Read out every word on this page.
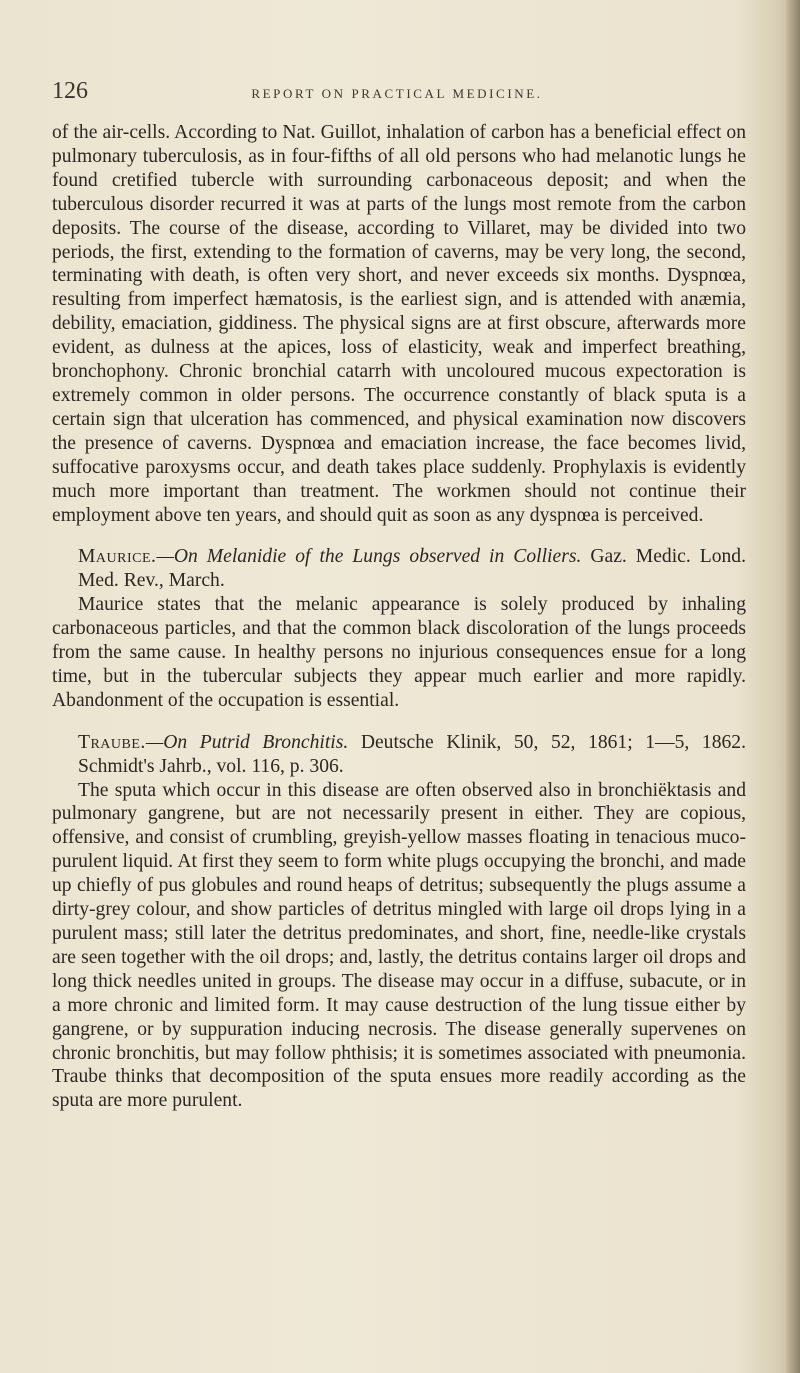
126	REPORT ON PRACTICAL MEDICINE.

of the air-cells. According to Nat. Guillot, inhalation of carbon has a beneficial effect on pulmonary tuberculosis, as in four-fifths of all old persons who had melanotic lungs he found cretified tubercle with surrounding carbonaceous deposit; and when the tuberculous disorder recurred it was at parts of the lungs most remote from the carbon deposits. The course of the disease, according to Villaret, may be divided into two periods, the first, extending to the formation of caverns, may be very long, the second, terminating with death, is often very short, and never exceeds six months. Dyspnœa, resulting from imperfect hæmatosis, is the earliest sign, and is attended with anæmia, debility, emaciation, giddiness. The physical signs are at first obscure, afterwards more evident, as dulness at the apices, loss of elasticity, weak and imperfect breathing, bronchophony. Chronic bronchial catarrh with uncoloured mucous expectoration is extremely common in older persons. The occurrence constantly of black sputa is a certain sign that ulceration has commenced, and physical examination now discovers the presence of caverns. Dyspnœa and emaciation increase, the face becomes livid, suffocative paroxysms occur, and death takes place suddenly. Prophylaxis is evidently much more important than treatment. The workmen should not continue their employment above ten years, and should quit as soon as any dyspnœa is perceived.

Maurice.—On Melanidie of the Lungs observed in Colliers. Gaz. Medic. Lond. Med. Rev., March.

Maurice states that the melanic appearance is solely produced by inhaling carbonaceous particles, and that the common black discoloration of the lungs proceeds from the same cause. In healthy persons no injurious consequences ensue for a long time, but in the tubercular subjects they appear much earlier and more rapidly. Abandonment of the occupation is essential.

Traube.—On Putrid Bronchitis. Deutsche Klinik, 50, 52, 1861; 1—5, 1862. Schmidt's Jahrb., vol. 116, p. 306.

The sputa which occur in this disease are often observed also in bronchiëktasis and pulmonary gangrene, but are not necessarily present in either. They are copious, offensive, and consist of crumbling, greyish-yellow masses floating in tenacious muco-purulent liquid. At first they seem to form white plugs occupying the bronchi, and made up chiefly of pus globules and round heaps of detritus; subsequently the plugs assume a dirty-grey colour, and show particles of detritus mingled with large oil drops lying in a purulent mass; still later the detritus predominates, and short, fine, needle-like crystals are seen together with the oil drops; and, lastly, the detritus contains larger oil drops and long thick needles united in groups. The disease may occur in a diffuse, subacute, or in a more chronic and limited form. It may cause destruction of the lung tissue either by gangrene, or by suppuration inducing necrosis. The disease generally supervenes on chronic bronchitis, but may follow phthisis; it is sometimes associated with pneumonia. Traube thinks that decomposition of the sputa ensues more readily according as the sputa are more purulent.
